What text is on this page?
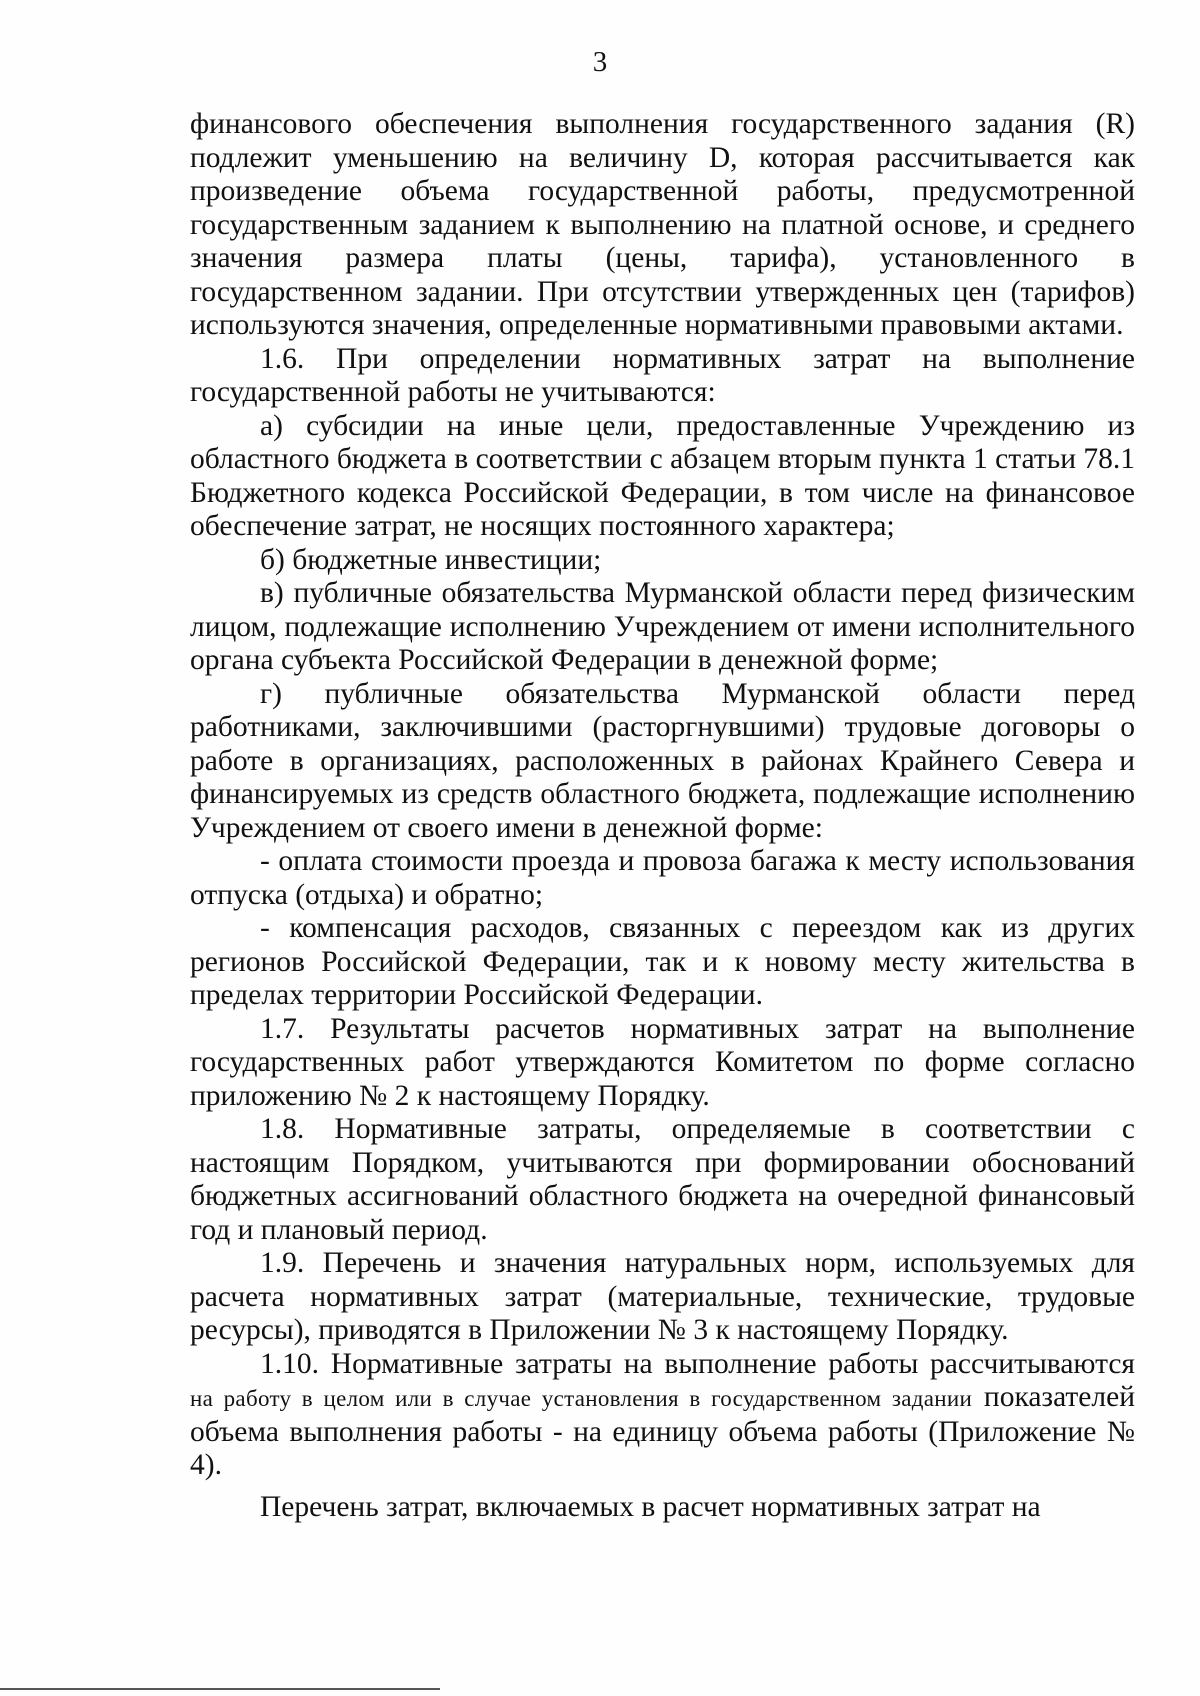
3

финансового обеспечения выполнения государственного задания (R) подлежит уменьшению на величину D, которая рассчитывается как произведение объема государственной работы, предусмотренной государственным заданием к выполнению на платной основе, и среднего значения размера платы (цены, тарифа), установленного в государственном задании. При отсутствии утвержденных цен (тарифов) используются значения, определенные нормативными правовыми актами.

1.6. При определении нормативных затрат на выполнение государственной работы не учитываются:

а) субсидии на иные цели, предоставленные Учреждению из областного бюджета в соответствии с абзацем вторым пункта 1 статьи 78.1 Бюджетного кодекса Российской Федерации, в том числе на финансовое обеспечение затрат, не носящих постоянного характера;

б) бюджетные инвестиции;

в) публичные обязательства Мурманской области перед физическим лицом, подлежащие исполнению Учреждением от имени исполнительного органа субъекта Российской Федерации в денежной форме;

г) публичные обязательства Мурманской области перед работниками, заключившими (расторгнувшими) трудовые договоры о работе в организациях, расположенных в районах Крайнего Севера и финансируемых из средств областного бюджета, подлежащие исполнению Учреждением от своего имени в денежной форме:

- оплата стоимости проезда и провоза багажа к месту использования отпуска (отдыха) и обратно;

- компенсация расходов, связанных с переездом как из других регионов Российской Федерации, так и к новому месту жительства в пределах территории Российской Федерации.

1.7. Результаты расчетов нормативных затрат на выполнение государственных работ утверждаются Комитетом по форме согласно приложению № 2 к настоящему Порядку.

1.8. Нормативные затраты, определяемые в соответствии с настоящим Порядком, учитываются при формировании обоснований бюджетных ассигнований областного бюджета на очередной финансовый год и плановый период.

1.9. Перечень и значения натуральных норм, используемых для расчета нормативных затрат (материальные, технические, трудовые ресурсы), приводятся в Приложении № 3 к настоящему Порядку.

1.10. Нормативные затраты на выполнение работы рассчитываются на работу в целом или в случае установления в государственном задании показателей объема выполнения работы - на единицу объема работы (Приложение № 4).

Перечень затрат, включаемых в расчет нормативных затрат на
